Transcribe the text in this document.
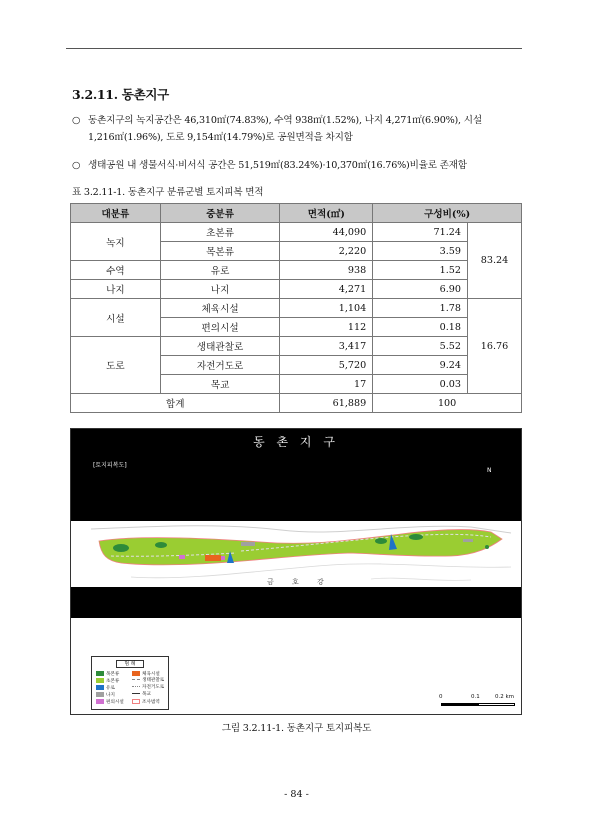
3.2.11. 동촌지구
○ 동촌지구의 녹지공간은 46,310㎡(74.83%), 수역 938㎡(1.52%), 나지 4,271㎡(6.90%), 시설
1,216㎡(1.96%), 도로 9,154㎡(14.79%)로 공원면적을 차지함
○ 생태공원 내 생물서식·비서식 공간은 51,519㎡(83.24%)·10,370㎡(16.76%)비율로 존재함
표 3.2.11-1. 동촌지구 분류군별 토지피복 면적
대분류	중분류	면적(㎡)	구성비(%)	
녹지	초본류	44,090	71.24	83.24
	목본류	2,220	3.59	
수역	유로	938	1.52	
나지	나지	4,271	6.90	
시설	체육시설	1,104	1.78	16.76
	편의시설	112	0.18	
도로	생태관찰로	3,417	5.52	
	자전거도로	5,720	9.24	
	목교	17	0.03	
합계		61,889	100	
동 촌 지 구
[토지피복도]
N
금 호 강
범 례
목본류	체육시설
초본류	생태관찰로
유로	자전거도로
나지	목교
편의시설	조사범역
0	0.1	0.2 km
그림 3.2.11-1. 동촌지구 토지피복도
- 84 -
